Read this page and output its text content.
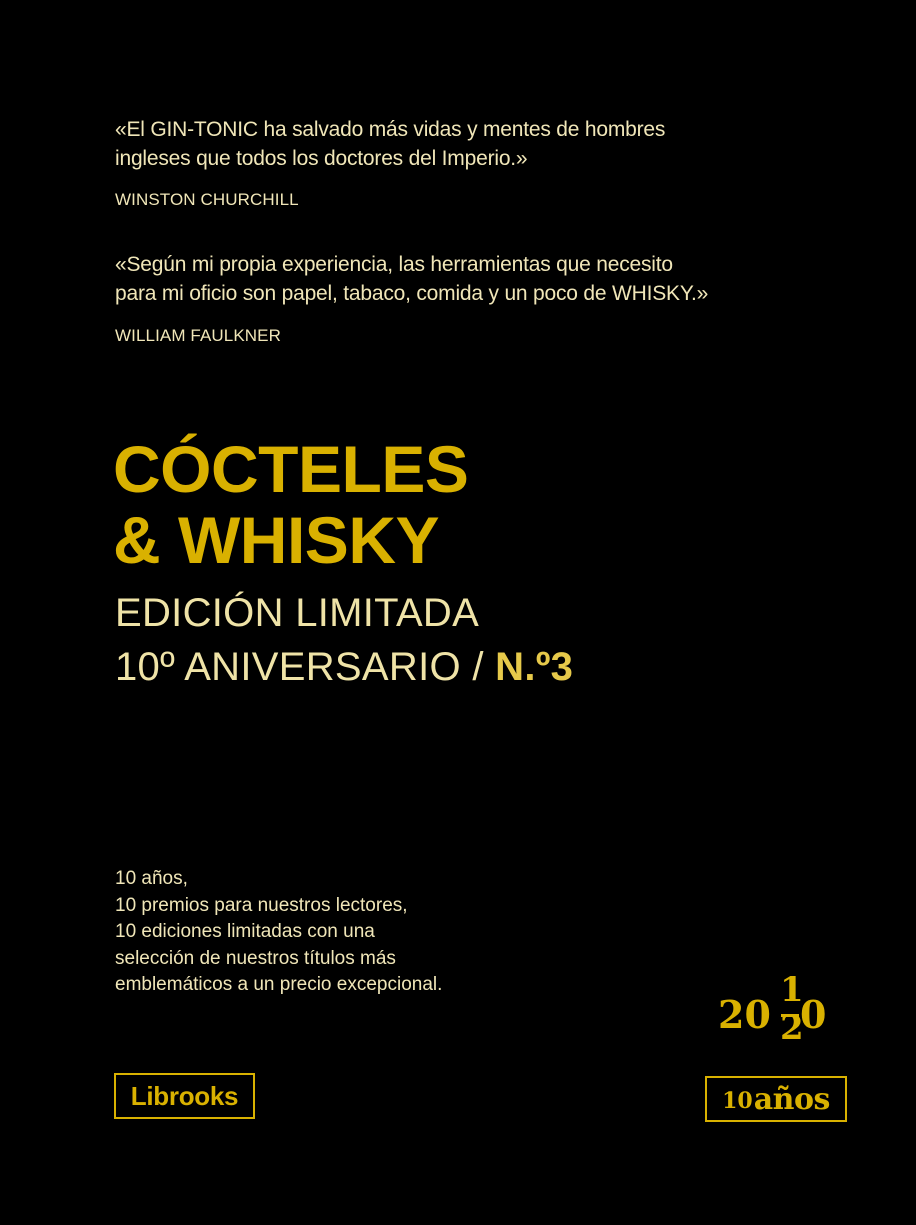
«El GIN-TONIC ha salvado más vidas y mentes de hombres
ingleses que todos los doctores del Imperio.»
WINSTON CHURCHILL
«Según mi propia experiencia, las herramientas que necesito
para mi oficio son papel, tabaco, comida y un poco de WHISKY.»
WILLIAM FAULKNER
CÓCTELES
& WHISKY
EDICIÓN LIMITADA
10º ANIVERSARIO / N.º3
10 años,
10 premios para nuestros lectores,
10 ediciones limitadas con una
selección de nuestros títulos más
emblemáticos a un precio excepcional.
20
1
2
0
Librooks	10 años
